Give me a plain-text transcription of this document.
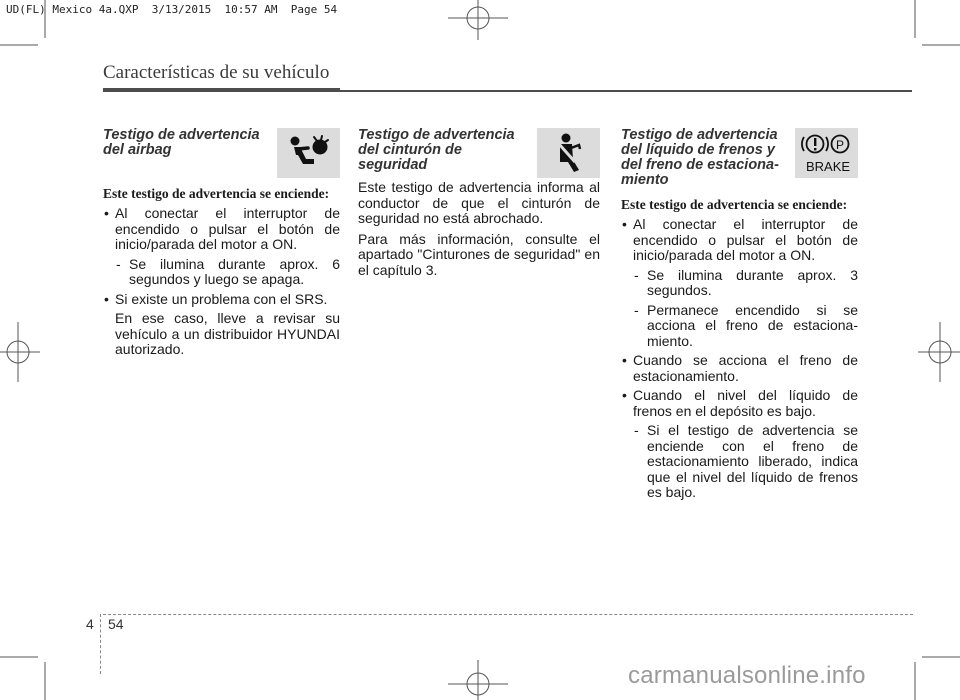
UD(FL) Mexico 4a.QXP  3/13/2015  10:57 AM  Page 54
Características de su vehículo
Testigo de advertencia del airbag
Este testigo de advertencia se enciende:
• Al conectar el interruptor de encendido o pulsar el botón de inicio/parada del motor a ON.
- Se ilumina durante aprox. 6 segundos y luego se apaga.
• Si existe un problema con el SRS.
En ese caso, lleve a revisar su vehículo a un distribuidor HYUNDAI autorizado.
Testigo de advertencia del cinturón de seguridad
Este testigo de advertencia informa al conductor de que el cinturón de seguridad no está abrochado.
Para más información, consulte el apartado "Cinturones de seguridad" en el capítulo 3.
Testigo de advertencia del líquido de frenos y del freno de estaciona-miento
P
BRAKE
Este testigo de advertencia se enciende:
• Al conectar el interruptor de encendido o pulsar el botón de inicio/parada del motor a ON.
- Se ilumina durante aprox. 3 segundos.
- Permanece encendido si se acciona el freno de estaciona-miento.
• Cuando se acciona el freno de estacionamiento.
• Cuando el nivel del líquido de frenos en el depósito es bajo.
- Si el testigo de advertencia se enciende con el freno de estacionamiento liberado, indica que el nivel del líquido de frenos es bajo.
4 54
carmanualsonline.info
